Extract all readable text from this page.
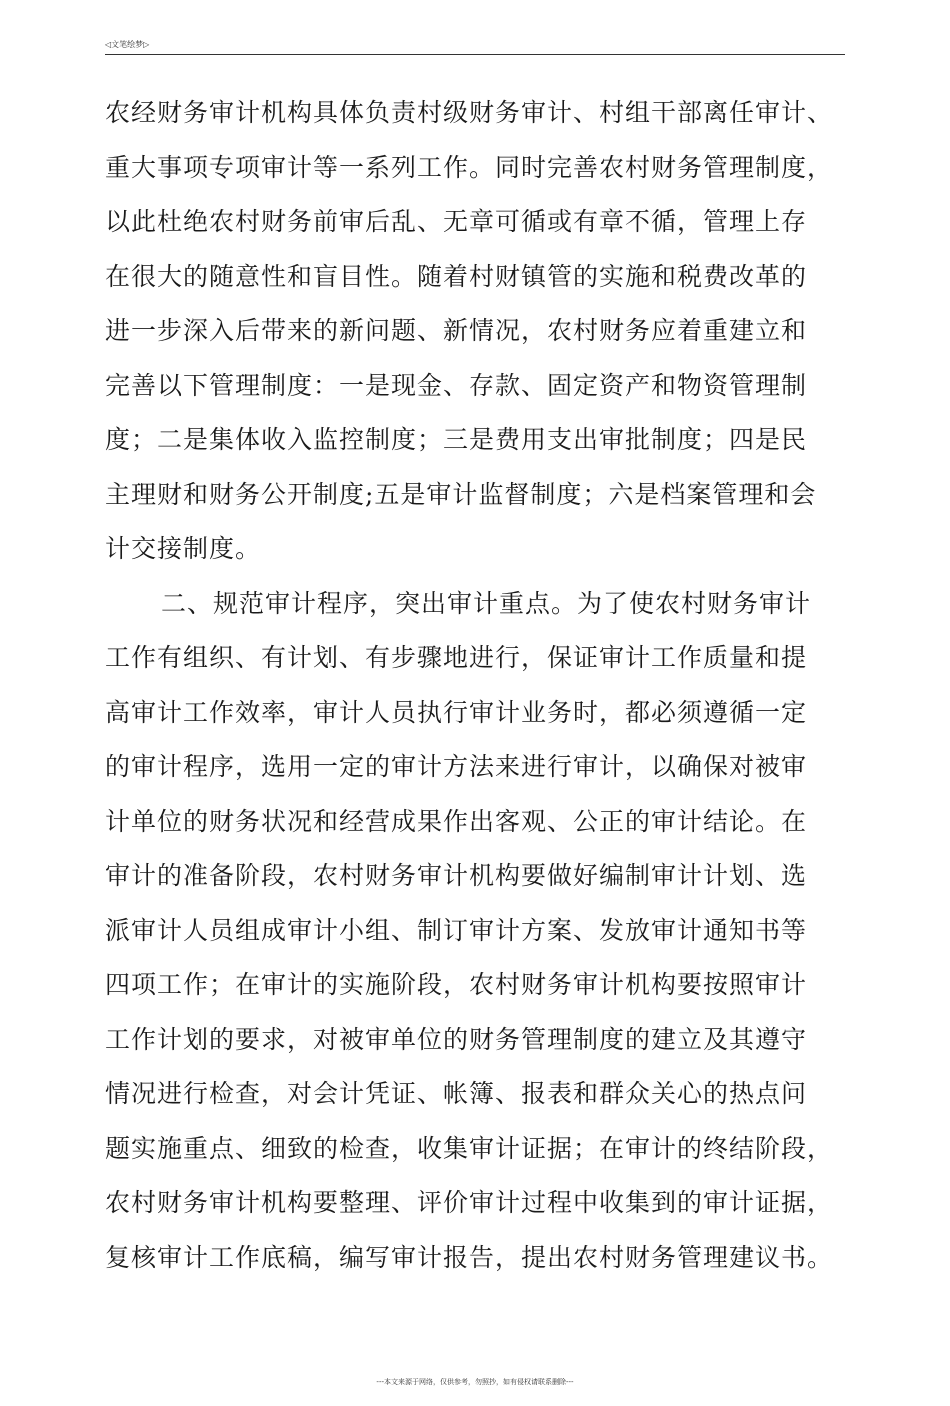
◁文笔绘梦▷
农经财务审计机构具体负责村级财务审计、村组干部离任审计、
重大事项专项审计等一系列工作。同时完善农村财务管理制度，
以此杜绝农村财务前审后乱、无章可循或有章不循，管理上存
在很大的随意性和盲目性。随着村财镇管的实施和税费改革的
进一步深入后带来的新问题、新情况，农村财务应着重建立和
完善以下管理制度：一是现金、存款、固定资产和物资管理制
度；二是集体收入监控制度；三是费用支出审批制度；四是民
主理财和财务公开制度;五是审计监督制度；六是档案管理和会
计交接制度。
二、规范审计程序，突出审计重点。为了使农村财务审计
工作有组织、有计划、有步骤地进行，保证审计工作质量和提
高审计工作效率，审计人员执行审计业务时，都必须遵循一定
的审计程序，选用一定的审计方法来进行审计，以确保对被审
计单位的财务状况和经营成果作出客观、公正的审计结论。在
审计的准备阶段，农村财务审计机构要做好编制审计计划、选
派审计人员组成审计小组、制订审计方案、发放审计通知书等
四项工作；在审计的实施阶段，农村财务审计机构要按照审计
工作计划的要求，对被审单位的财务管理制度的建立及其遵守
情况进行检查，对会计凭证、帐簿、报表和群众关心的热点问
题实施重点、细致的检查，收集审计证据；在审计的终结阶段，
农村财务审计机构要整理、评价审计过程中收集到的审计证据，
复核审计工作底稿，编写审计报告，提出农村财务管理建议书。
---本文来源于网络，仅供参考，勿照抄，如有侵权请联系删除---
